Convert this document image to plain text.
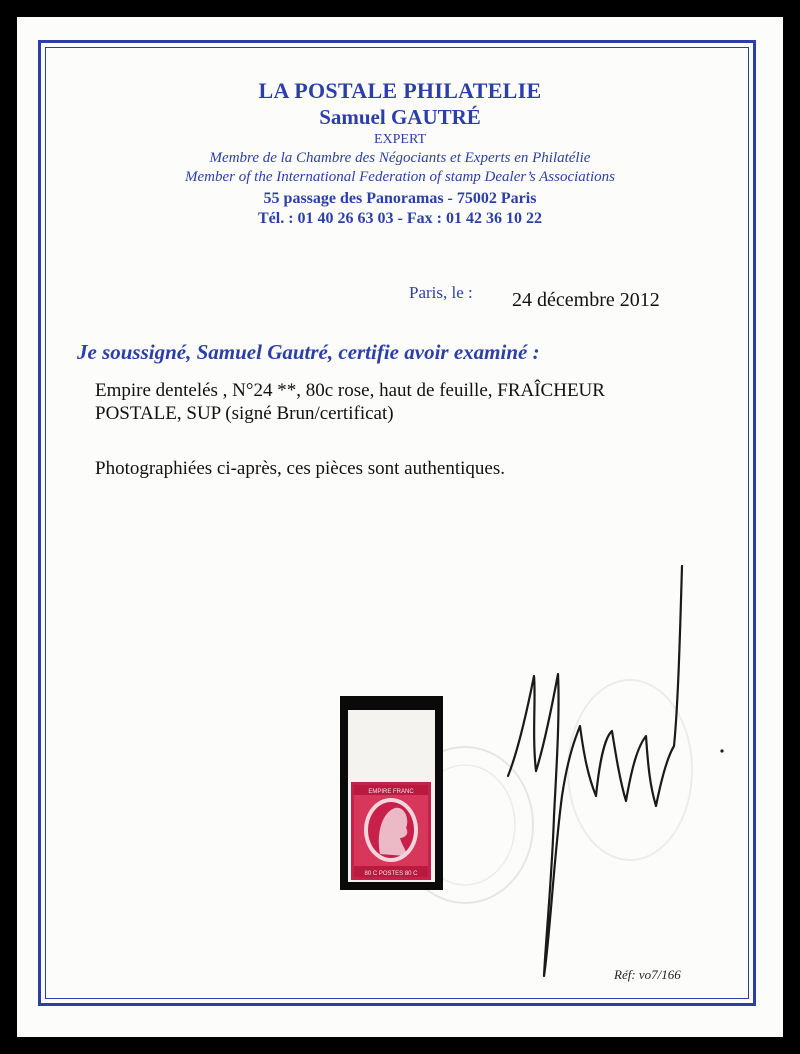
LA POSTALE PHILATELIE
Samuel GAUTRÉ
EXPERT
Membre de la Chambre des Négociants et Experts en Philatélie
Member of the International Federation of stamp Dealer’s Associations
55 passage des Panoramas - 75002 Paris
Tél. : 01 40 26 63 03 - Fax : 01 42 36 10 22
Paris, le : 24 décembre 2012
Je soussigné, Samuel Gautré, certifie avoir examiné :
Empire dentelés , N°24 **, 80c rose, haut de feuille, FRAÎCHEUR
POSTALE, SUP (signé Brun/certificat)
Photographiées ci-après, ces pièces sont authentiques.
EMPIRE FRANC
80 C POSTES 80 C
Réf: vo7/166
